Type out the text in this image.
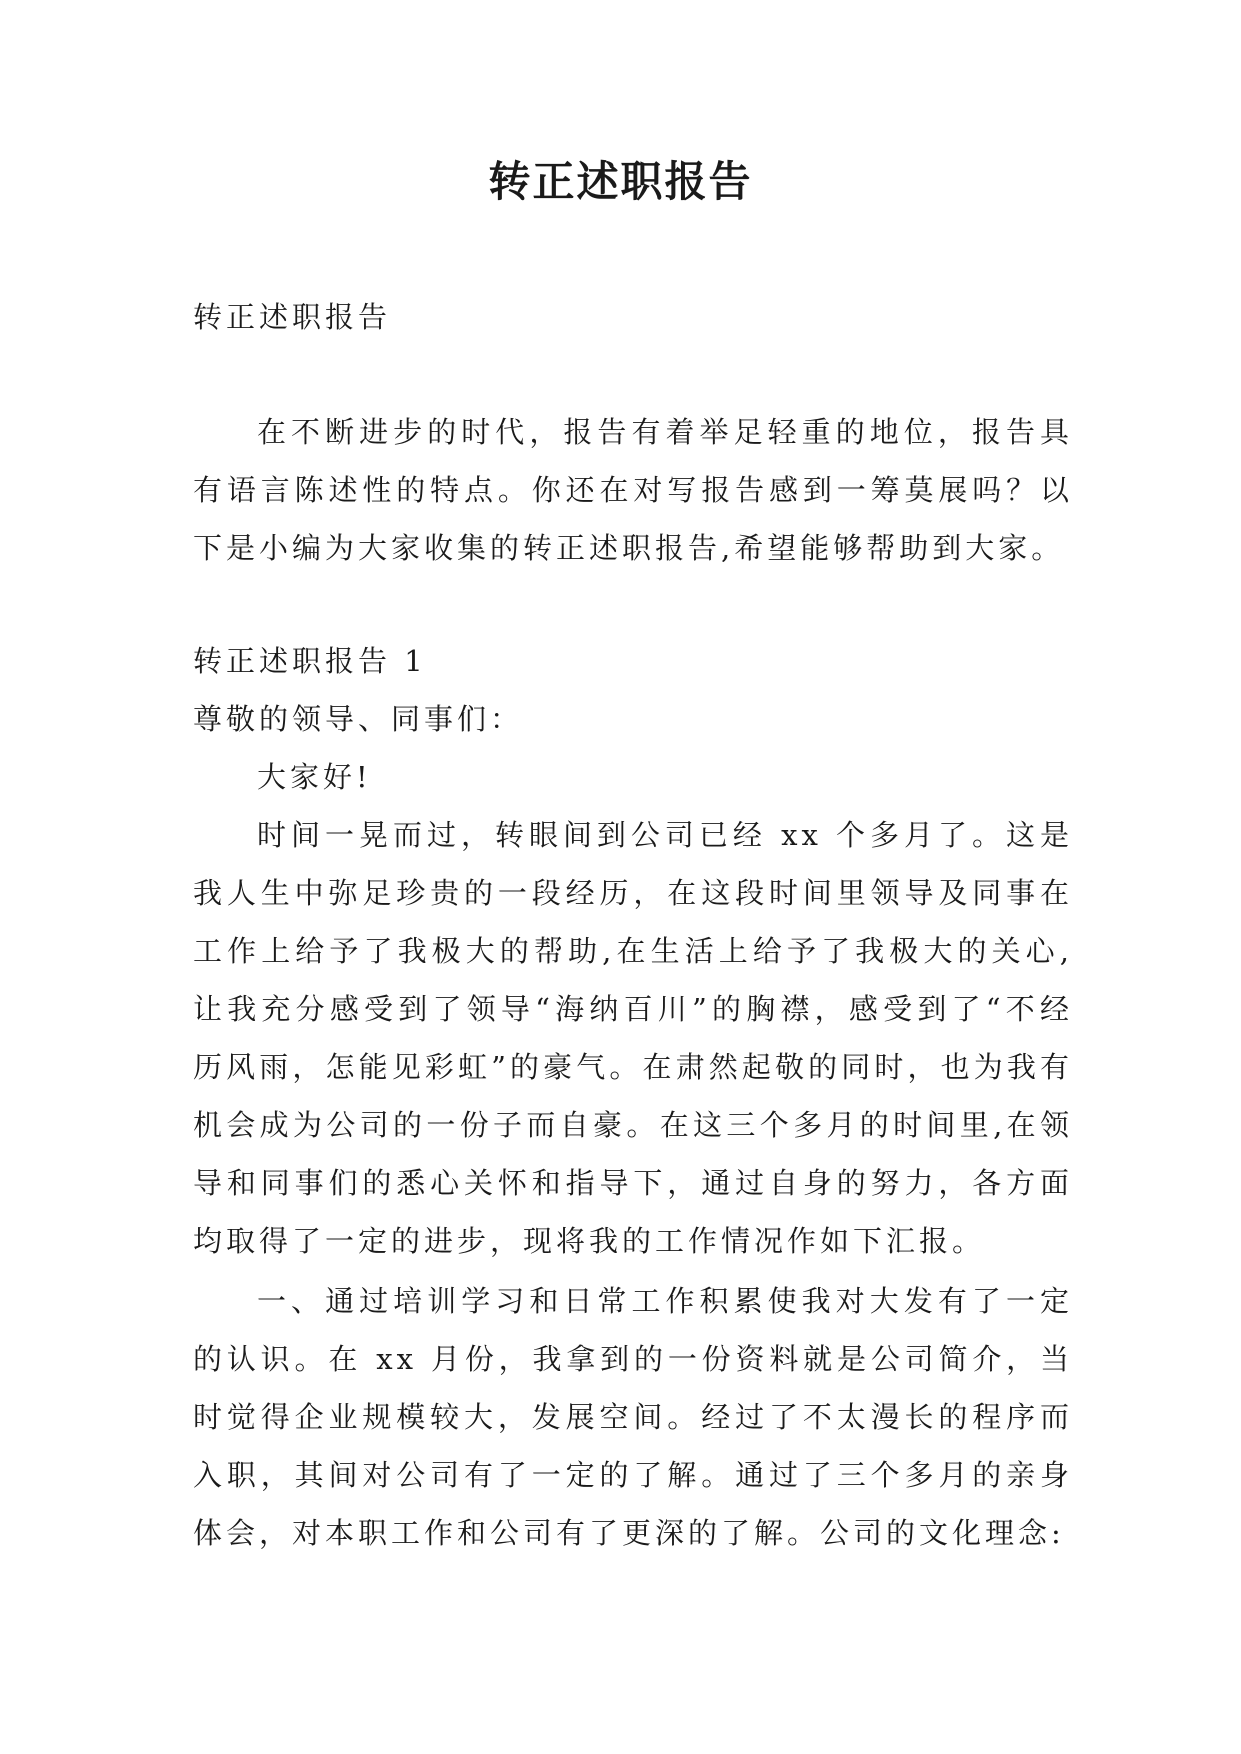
转正述职报告

转正述职报告

在不断进步的时代，报告有着举足轻重的地位，报告具有语言陈述性的特点。你还在对写报告感到一筹莫展吗？以下是小编为大家收集的转正述职报告,希望能够帮助到大家。

转正述职报告 1

尊敬的领导、同事们：

大家好!

时间一晃而过，转眼间到公司已经 xx 个多月了。这是我人生中弥足珍贵的一段经历，在这段时间里领导及同事在工作上给予了我极大的帮助,在生活上给予了我极大的关心,让我充分感受到了领导“海纳百川”的胸襟，感受到了“不经历风雨，怎能见彩虹”的豪气。在肃然起敬的同时，也为我有机会成为公司的一份子而自豪。在这三个多月的时间里,在领导和同事们的悉心关怀和指导下，通过自身的努力，各方面均取得了一定的进步，现将我的工作情况作如下汇报。

一、通过培训学习和日常工作积累使我对大发有了一定的认识。在 xx 月份，我拿到的一份资料就是公司简介，当时觉得企业规模较大，发展空间。经过了不太漫长的程序而入职，其间对公司有了一定的了解。通过了三个多月的亲身体会，对本职工作和公司有了更深的了解。公司的文化理念:
